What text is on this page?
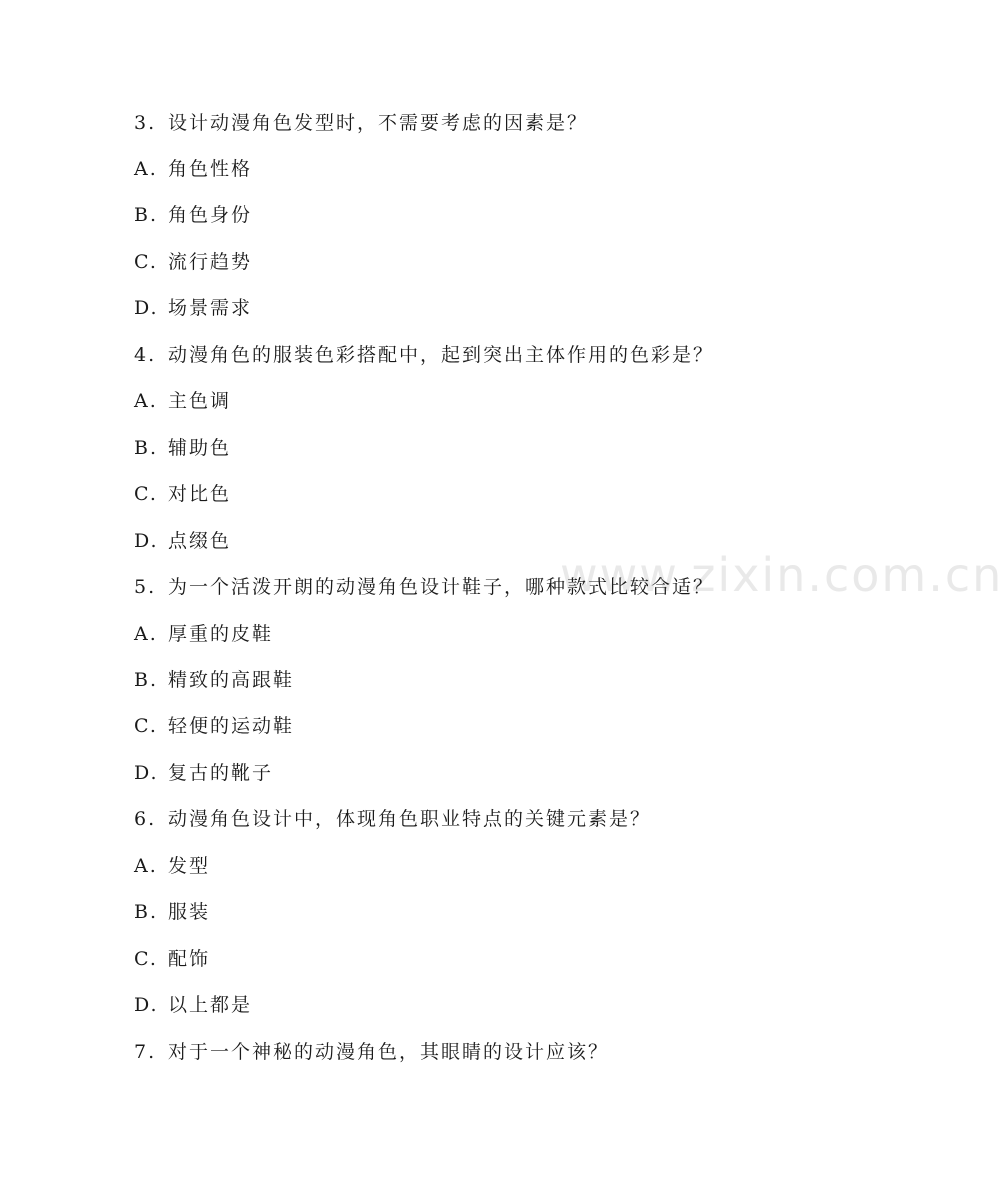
www.zixin.com.cn
3. 设计动漫角色发型时，不需要考虑的因素是？
A. 角色性格
B. 角色身份
C. 流行趋势
D. 场景需求
4. 动漫角色的服装色彩搭配中，起到突出主体作用的色彩是？
A. 主色调
B. 辅助色
C. 对比色
D. 点缀色
5. 为一个活泼开朗的动漫角色设计鞋子，哪种款式比较合适？
A. 厚重的皮鞋
B. 精致的高跟鞋
C. 轻便的运动鞋
D. 复古的靴子
6. 动漫角色设计中，体现角色职业特点的关键元素是？
A. 发型
B. 服装
C. 配饰
D. 以上都是
7. 对于一个神秘的动漫角色，其眼睛的设计应该？
